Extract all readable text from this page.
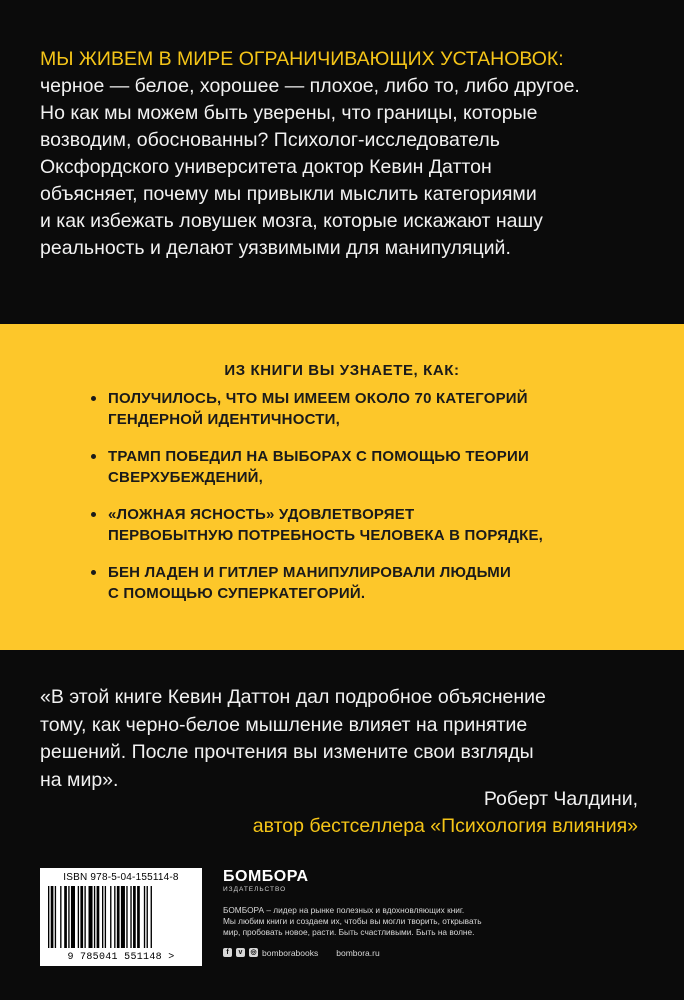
МЫ ЖИВЕМ В МИРЕ ОГРАНИЧИВАЮЩИХ УСТАНОВОК:
черное — белое, хорошее — плохое, либо то, либо другое.
Но как мы можем быть уверены, что границы, которые
возводим, обоснованны? Психолог-исследователь
Оксфордского университета доктор Кевин Даттон
объясняет, почему мы привыкли мыслить категориями
и как избежать ловушек мозга, которые искажают нашу
реальность и делают уязвимыми для манипуляций.
ИЗ КНИГИ ВЫ УЗНАЕТЕ, КАК:
ПОЛУЧИЛОСЬ, ЧТО МЫ ИМЕЕМ ОКОЛО 70 КАТЕГОРИЙ
ГЕНДЕРНОЙ ИДЕНТИЧНОСТИ,
ТРАМП ПОБЕДИЛ НА ВЫБОРАХ С ПОМОЩЬЮ ТЕОРИИ
СВЕРХУБЕЖДЕНИЙ,
«ЛОЖНАЯ ЯСНОСТЬ» УДОВЛЕТВОРЯЕТ
ПЕРВОБЫТНУЮ ПОТРЕБНОСТЬ ЧЕЛОВЕКА В ПОРЯДКЕ,
БЕН ЛАДЕН И ГИТЛЕР МАНИПУЛИРОВАЛИ ЛЮДЬМИ
С ПОМОЩЬЮ СУПЕРКАТЕГОРИЙ.
«В этой книге Кевин Даттон дал подробное объяснение
тому, как черно-белое мышление влияет на принятие
решений. После прочтения вы измените свои взгляды
на мир».
Роберт Чалдини,
автор бестселлера «Психология влияния»
ISBN 978-5-04-155114-8
9 785041 551148 >
БОМБОРА
ИЗДАТЕЛЬСТВО
БОМБОРА – лидер на рынке полезных и вдохновляющих книг.
Мы любим книги и создаем их, чтобы вы могли творить, открывать
мир, пробовать новое, расти. Быть счастливыми. Быть на волне.
f	v	◎ bomborabooks bombora.ru
